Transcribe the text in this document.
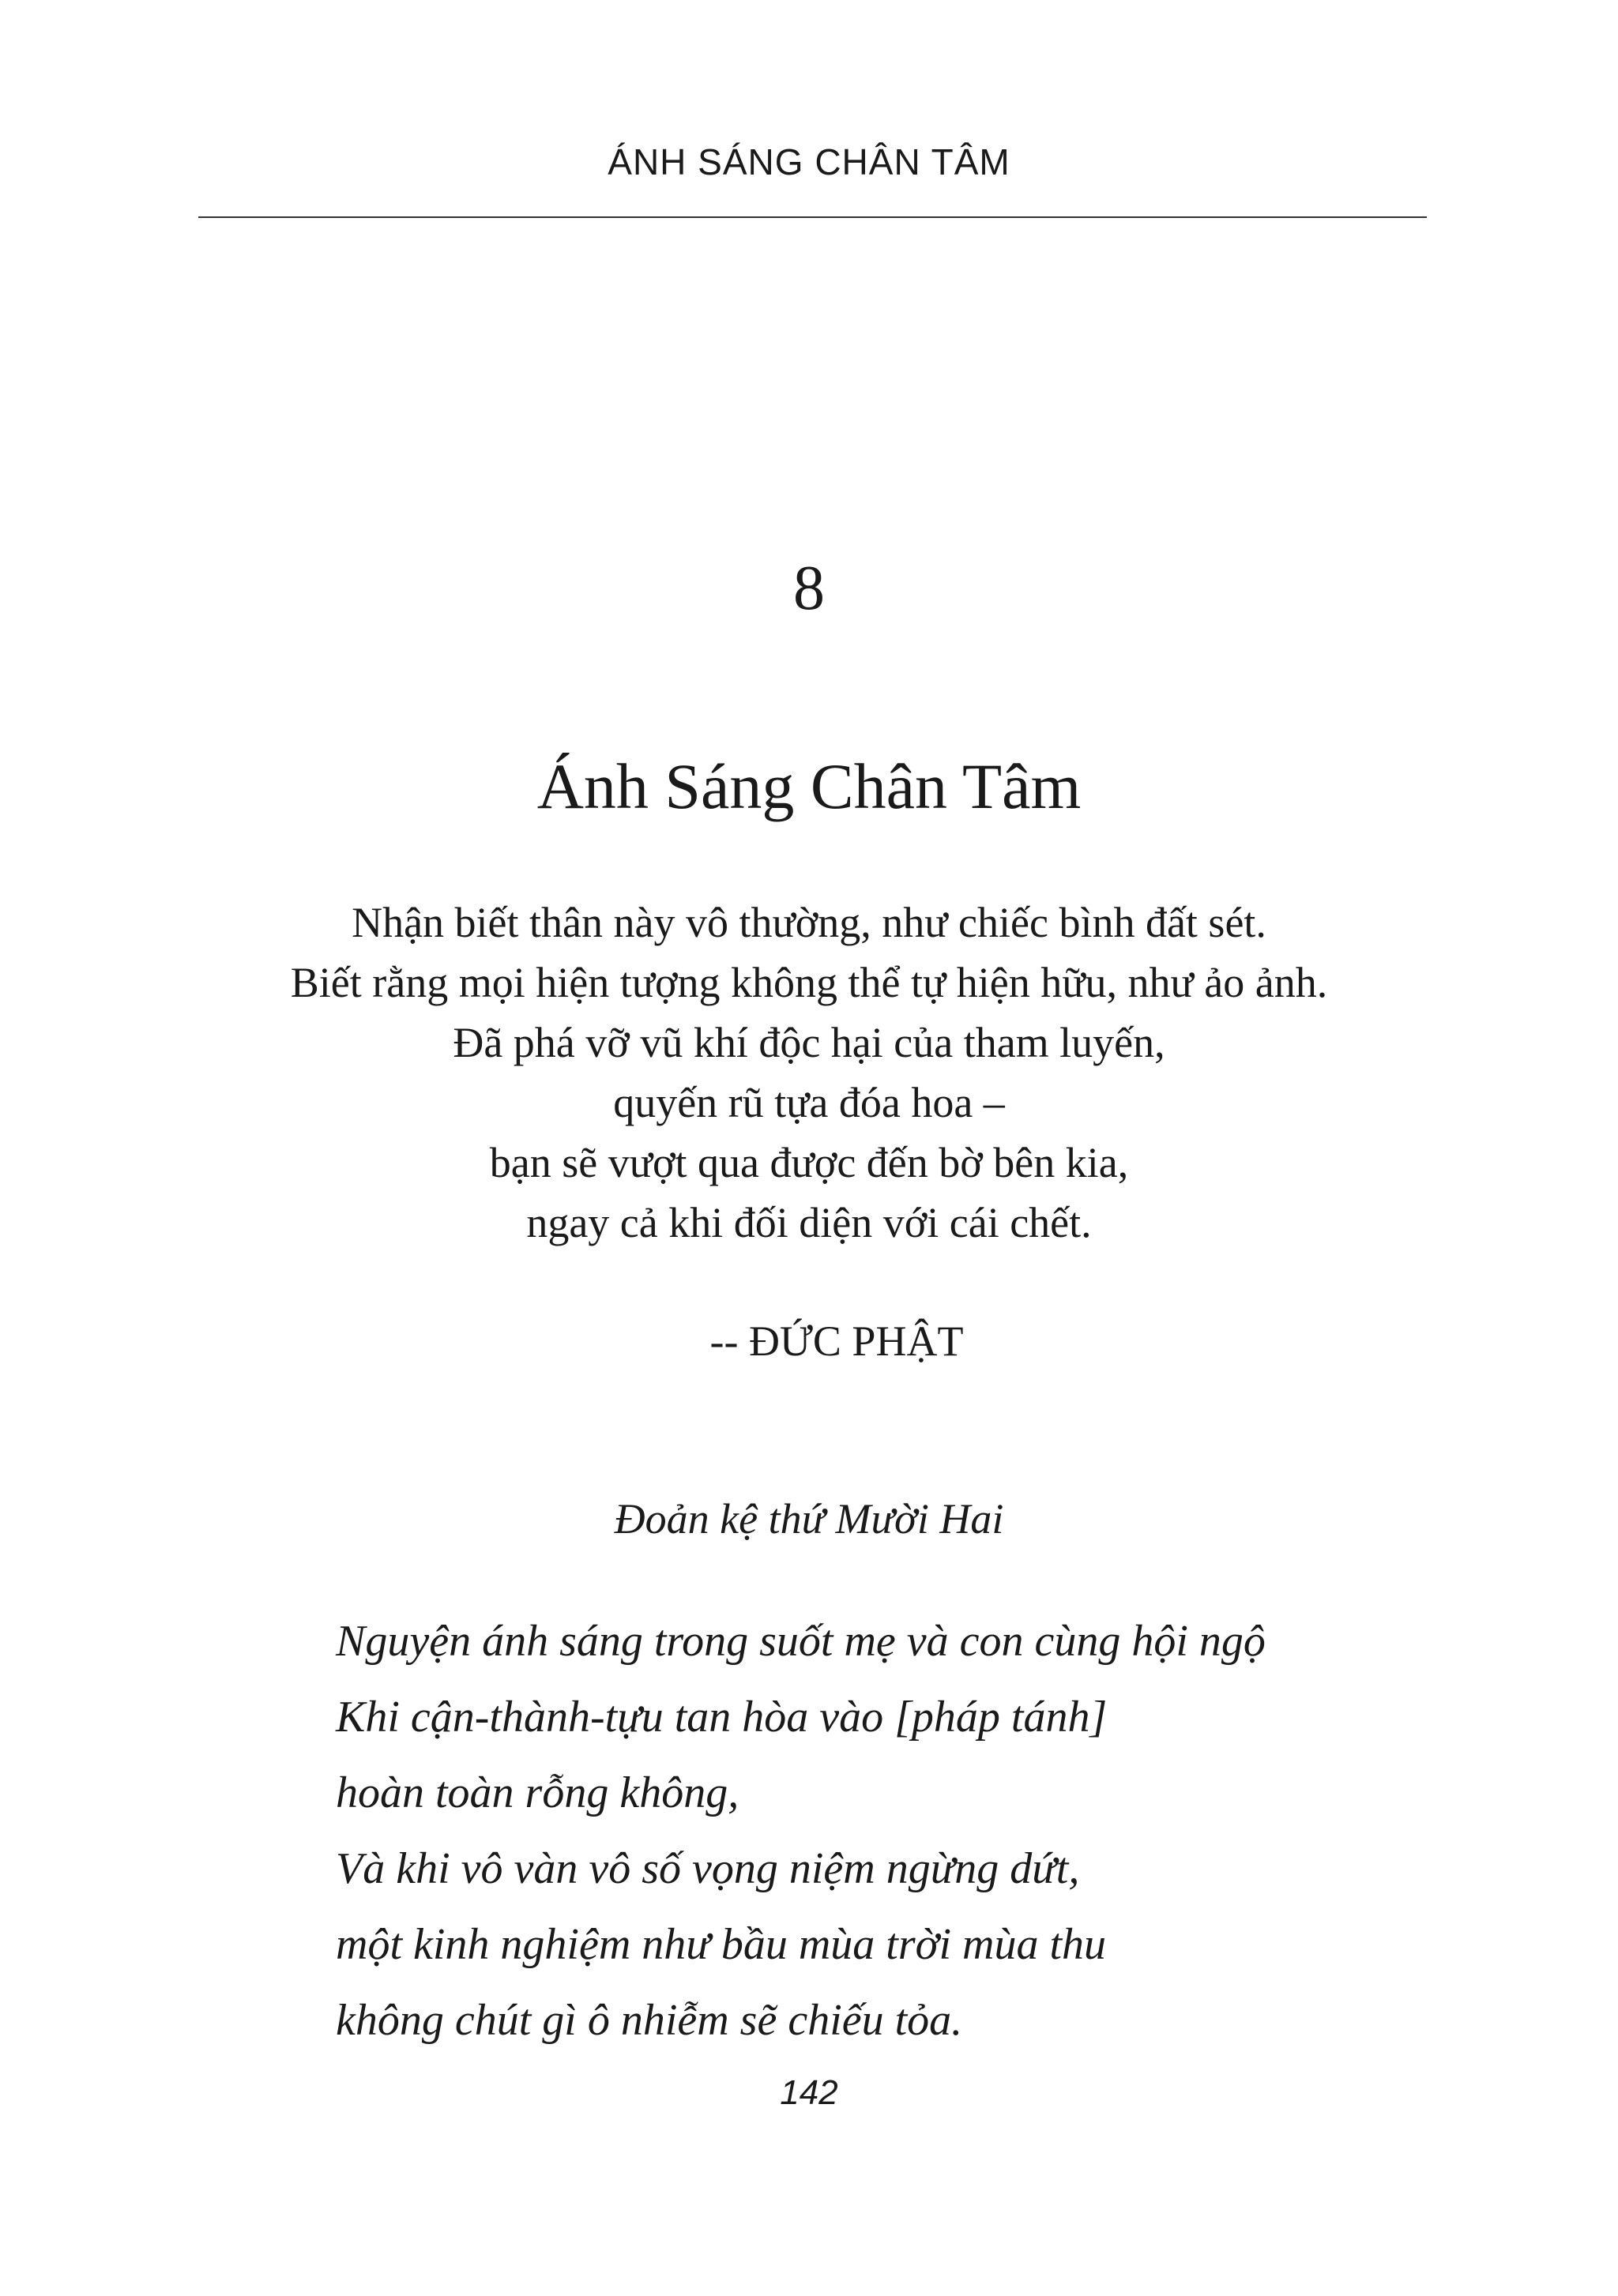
ÁNH SÁNG CHÂN TÂM
8
Ánh Sáng Chân Tâm
Nhận biết thân này vô thường, như chiếc bình đất sét.
Biết rằng mọi hiện tượng không thể tự hiện hữu, như ảo ảnh.
Đã phá vỡ vũ khí độc hại của tham luyến,
quyến rũ tựa đóa hoa –
bạn sẽ vượt qua được đến bờ bên kia,
ngay cả khi đối diện với cái chết.
-- ĐỨC PHẬT
Đoản kệ thứ Mười Hai
Nguyện ánh sáng trong suốt mẹ và con cùng hội ngộ
Khi cận-thành-tựu tan hòa vào [pháp tánh]
hoàn toàn rỗng không,
Và khi vô vàn vô số vọng niệm ngừng dứt,
một kinh nghiệm như bầu mùa trời mùa thu
không chút gì ô nhiễm sẽ chiếu tỏa.
142
